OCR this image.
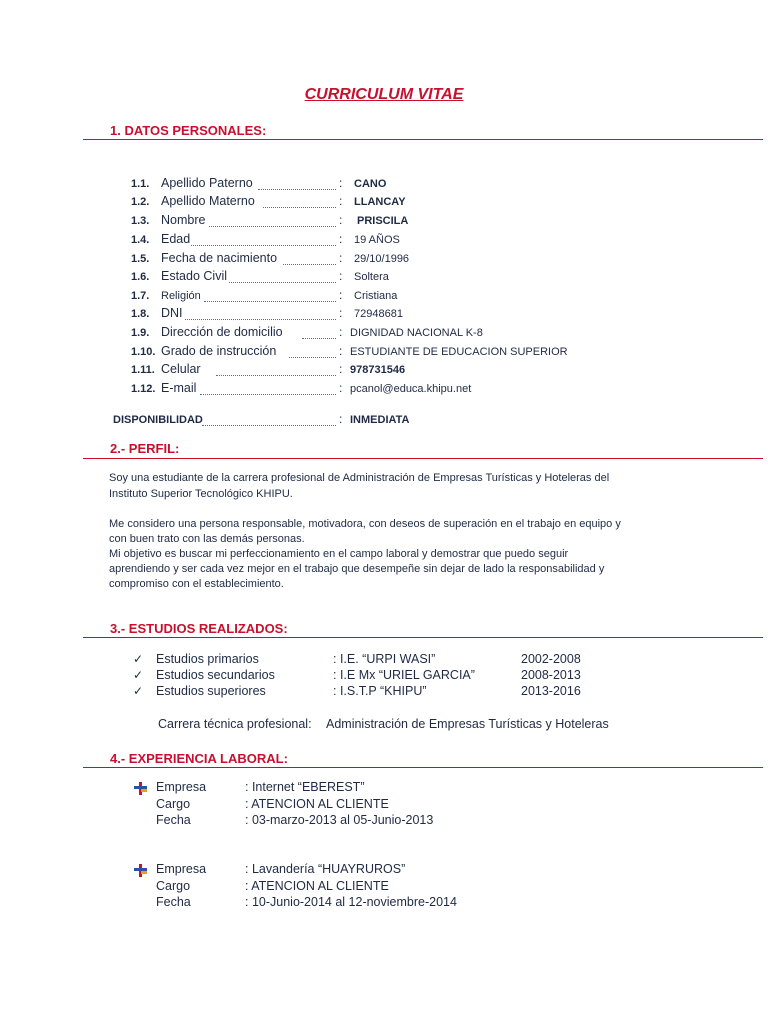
CURRICULUM VITAE
1. DATOS PERSONALES:
1.1. Apellido Paterno	: CANO
1.2. Apellido Materno	: LLANCAY
1.3. Nombre	: PRISCILA
1.4. Edad	: 19 AÑOS
1.5. Fecha de nacimiento	: 29/10/1996
1.6. Estado Civil	: Soltera
1.7. Religión	: Cristiana
1.8. DNI	: 72948681
1.9. Dirección de domicilio	: DIGNIDAD NACIONAL K-8
1.10. Grado de instrucción	: ESTUDIANTE DE EDUCACION SUPERIOR
1.11. Celular	: 978731546
1.12. E-mail	: pcanol@educa.khipu.net
DISPONIBILIDAD	: INMEDIATA
2.- PERFIL:
Soy una estudiante de la carrera profesional de Administración de Empresas Turísticas y Hoteleras del
Instituto Superior Tecnológico KHIPU.
Me considero una persona responsable, motivadora, con deseos de superación en el trabajo en equipo y
con buen trato con las demás personas.
Mi objetivo es buscar mi perfeccionamiento en el campo laboral y demostrar que puedo seguir
aprendiendo y ser cada vez mejor en el trabajo que desempeñe sin dejar de lado la responsabilidad y
compromiso con el establecimiento.
3.- ESTUDIOS REALIZADOS:
✓ Estudios primarios	: I.E. “URPI WASI”	2002-2008
✓ Estudios secundarios	: I.E Mx “URIEL GARCIA”	2008-2013
✓ Estudios superiores	: I.S.T.P “KHIPU”	2013-2016
Carrera técnica profesional: Administración de Empresas Turísticas y Hoteleras
4.- EXPERIENCIA LABORAL:
Empresa	: Internet “EBEREST”
Cargo	: ATENCION AL CLIENTE
Fecha	: 03-marzo-2013 al 05-Junio-2013
Empresa	: Lavandería “HUAYRUROS”
Cargo	: ATENCION AL CLIENTE
Fecha	: 10-Junio-2014 al 12-noviembre-2014
